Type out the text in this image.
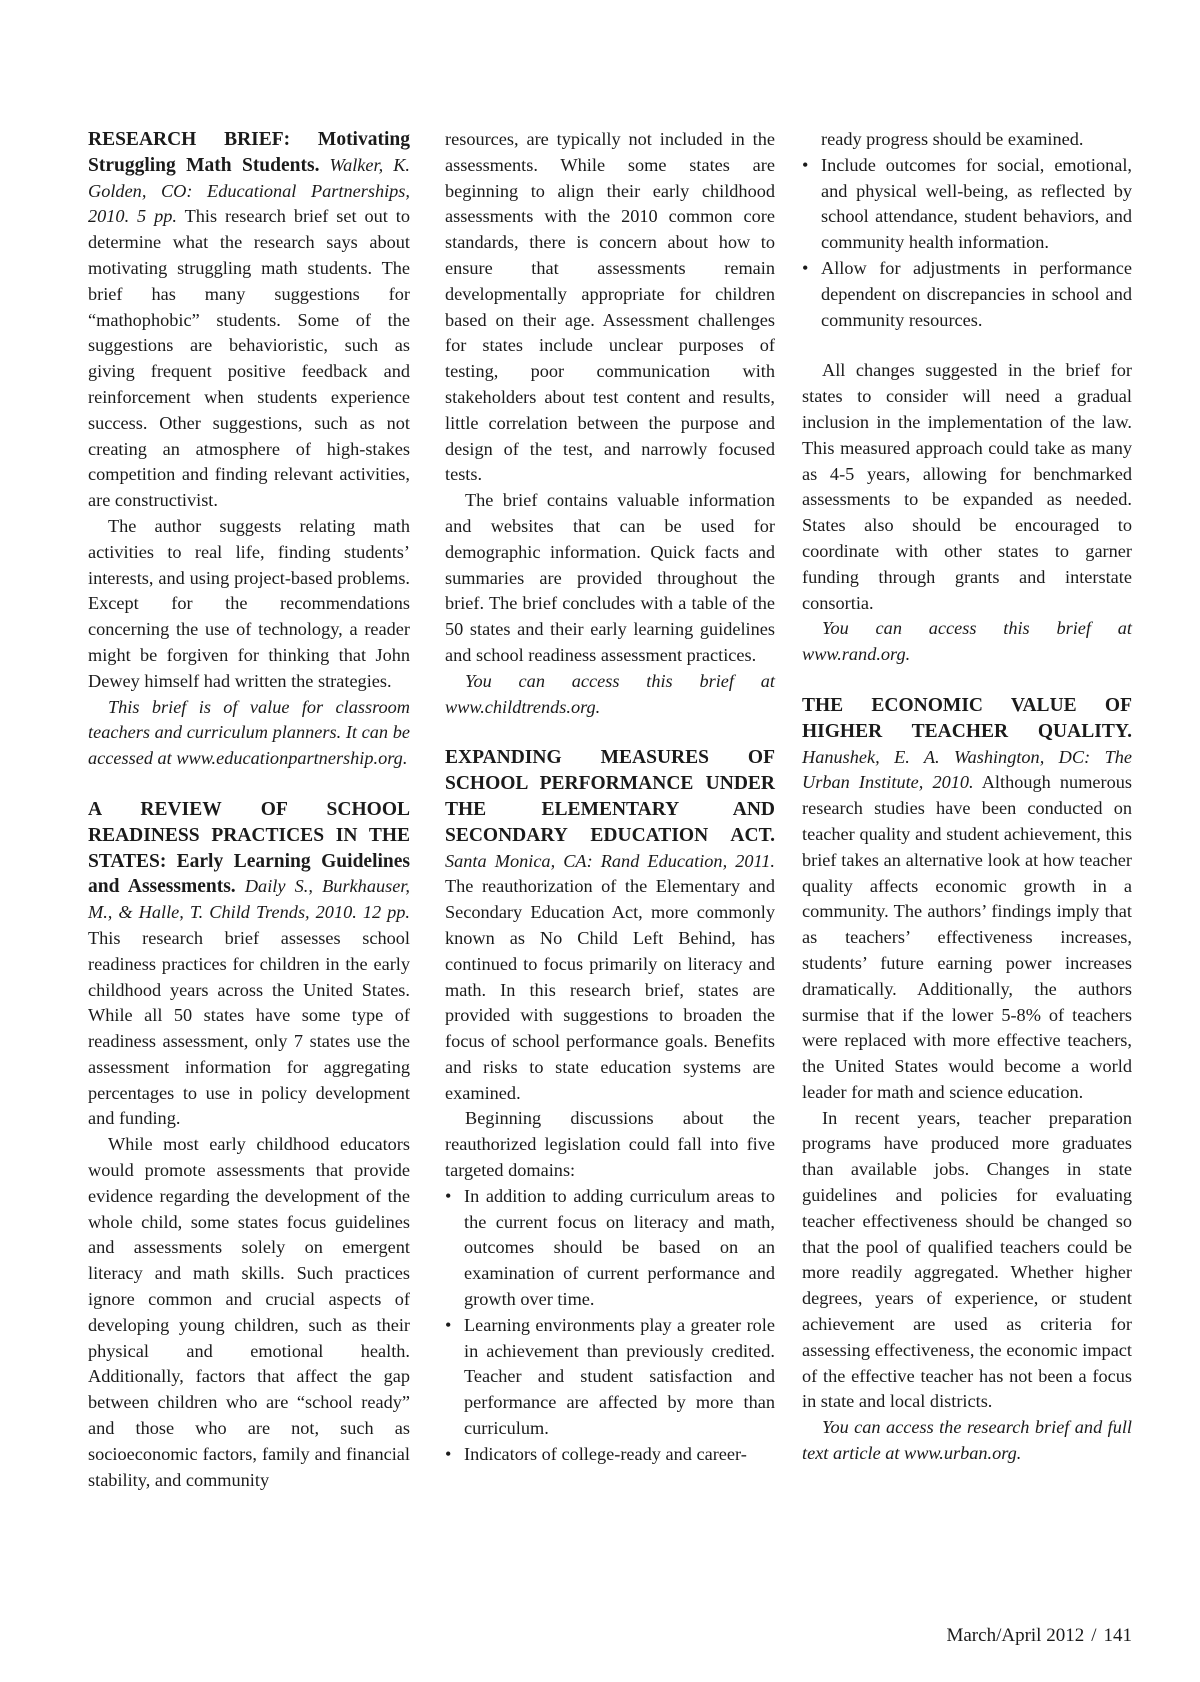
RESEARCH BRIEF: Motivating Struggling Math Students. Walker, K. Golden, CO: Educational Partnerships, 2010. 5 pp. This research brief set out to determine what the research says about motivating struggling math students. The brief has many suggestions for “mathophobic” students. Some of the suggestions are behavioristic, such as giving frequent positive feedback and reinforcement when students experience success. Other suggestions, such as not creating an atmosphere of high-stakes competition and finding relevant activities, are constructivist.

The author suggests relating math activities to real life, finding students’ interests, and using project-based problems. Except for the recommendations concerning the use of technology, a reader might be forgiven for thinking that John Dewey himself had written the strategies.

This brief is of value for classroom teachers and curriculum planners. It can be accessed at www.educationpartnership.org.

A REVIEW OF SCHOOL READINESS PRACTICES IN THE STATES: Early Learning Guidelines and Assessments. Daily S., Burkhauser, M., & Halle, T. Child Trends, 2010. 12 pp. This research brief assesses school readiness practices for children in the early childhood years across the United States. While all 50 states have some type of readiness assessment, only 7 states use the assessment information for aggregating percentages to use in policy development and funding.

While most early childhood educators would promote assessments that provide evidence regarding the development of the whole child, some states focus guidelines and assessments solely on emergent literacy and math skills. Such practices ignore common and crucial aspects of developing young children, such as their physical and emotional health. Additionally, factors that affect the gap between children who are “school ready” and those who are not, such as socioeconomic factors, family and financial stability, and community

resources, are typically not included in the assessments. While some states are beginning to align their early childhood assessments with the 2010 common core standards, there is concern about how to ensure that assessments remain developmentally appropriate for children based on their age. Assessment challenges for states include unclear purposes of testing, poor communication with stakeholders about test content and results, little correlation between the purpose and design of the test, and narrowly focused tests.

The brief contains valuable information and websites that can be used for demographic information. Quick facts and summaries are provided throughout the brief. The brief concludes with a table of the 50 states and their early learning guidelines and school readiness assessment practices.

You can access this brief at www.childtrends.org.

EXPANDING MEASURES OF SCHOOL PERFORMANCE UNDER THE ELEMENTARY AND SECONDARY EDUCATION ACT. Santa Monica, CA: Rand Education, 2011. The reauthorization of the Elementary and Secondary Education Act, more commonly known as No Child Left Behind, has continued to focus primarily on literacy and math. In this research brief, states are provided with suggestions to broaden the focus of school performance goals. Benefits and risks to state education systems are examined.

Beginning discussions about the reauthorized legislation could fall into five targeted domains:

• In addition to adding curriculum areas to the current focus on literacy and math, outcomes should be based on an examination of current performance and growth over time.
• Learning environments play a greater role in achievement than previously credited. Teacher and student satisfaction and performance are affected by more than curriculum.
• Indicators of college-ready and career-

ready progress should be examined.

• Include outcomes for social, emotional, and physical well-being, as reflected by school attendance, student behaviors, and community health information.
• Allow for adjustments in performance dependent on discrepancies in school and community resources.

All changes suggested in the brief for states to consider will need a gradual inclusion in the implementation of the law. This measured approach could take as many as 4-5 years, allowing for benchmarked assessments to be expanded as needed. States also should be encouraged to coordinate with other states to garner funding through grants and interstate consortia.

You can access this brief at www.rand.org.

THE ECONOMIC VALUE OF HIGHER TEACHER QUALITY. Hanushek, E. A. Washington, DC: The Urban Institute, 2010. Although numerous research studies have been conducted on teacher quality and student achievement, this brief takes an alternative look at how teacher quality affects economic growth in a community. The authors’ findings imply that as teachers’ effectiveness increases, students’ future earning power increases dramatically. Additionally, the authors surmise that if the lower 5-8% of teachers were replaced with more effective teachers, the United States would become a world leader for math and science education.

In recent years, teacher preparation programs have produced more graduates than available jobs. Changes in state guidelines and policies for evaluating teacher effectiveness should be changed so that the pool of qualified teachers could be more readily aggregated. Whether higher degrees, years of experience, or student achievement are used as criteria for assessing effectiveness, the economic impact of the effective teacher has not been a focus in state and local districts.

You can access the research brief and full text article at www.urban.org.

March/April 2012 / 141
